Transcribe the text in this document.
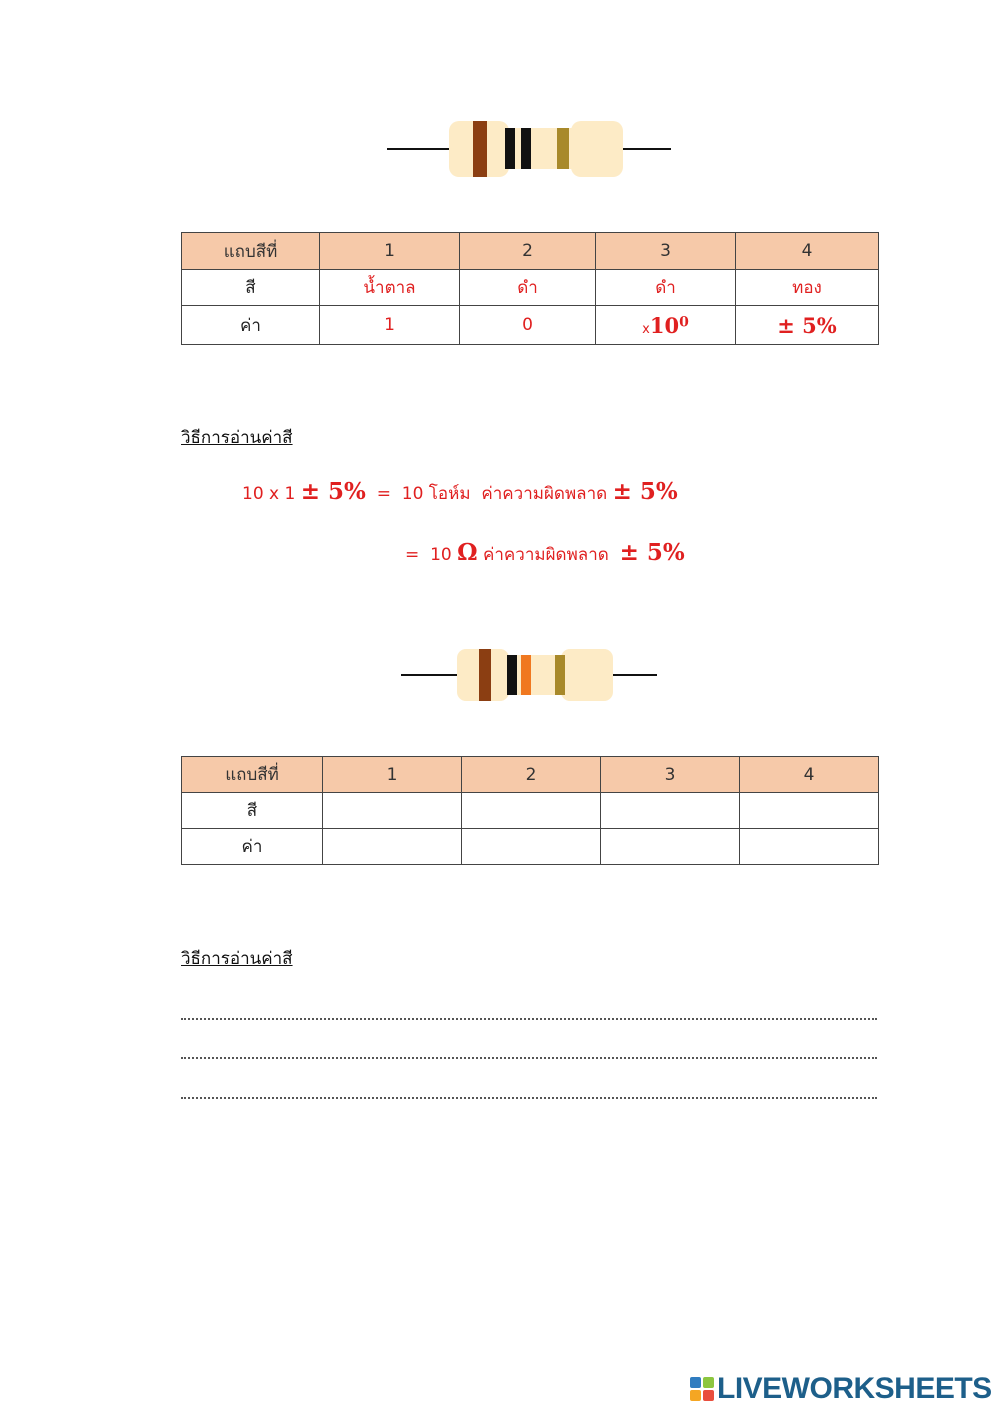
แถบสีที่	1	2	3	4
สี	น้ำตาล	ดำ	ดำ	ทอง
ค่า	1	0	$x10^0$	± 5%
วิธีการอ่านค่าสี
10 x 1 ± 5% = 10 โอห์ม ค่าความผิดพลาด ± 5%
= 10 Ω ค่าความผิดพลาด ± 5%
แถบสีที่	1	2	3	4
สี				
ค่า				
วิธีการอ่านค่าสี
LIVEWORKSHEETS
